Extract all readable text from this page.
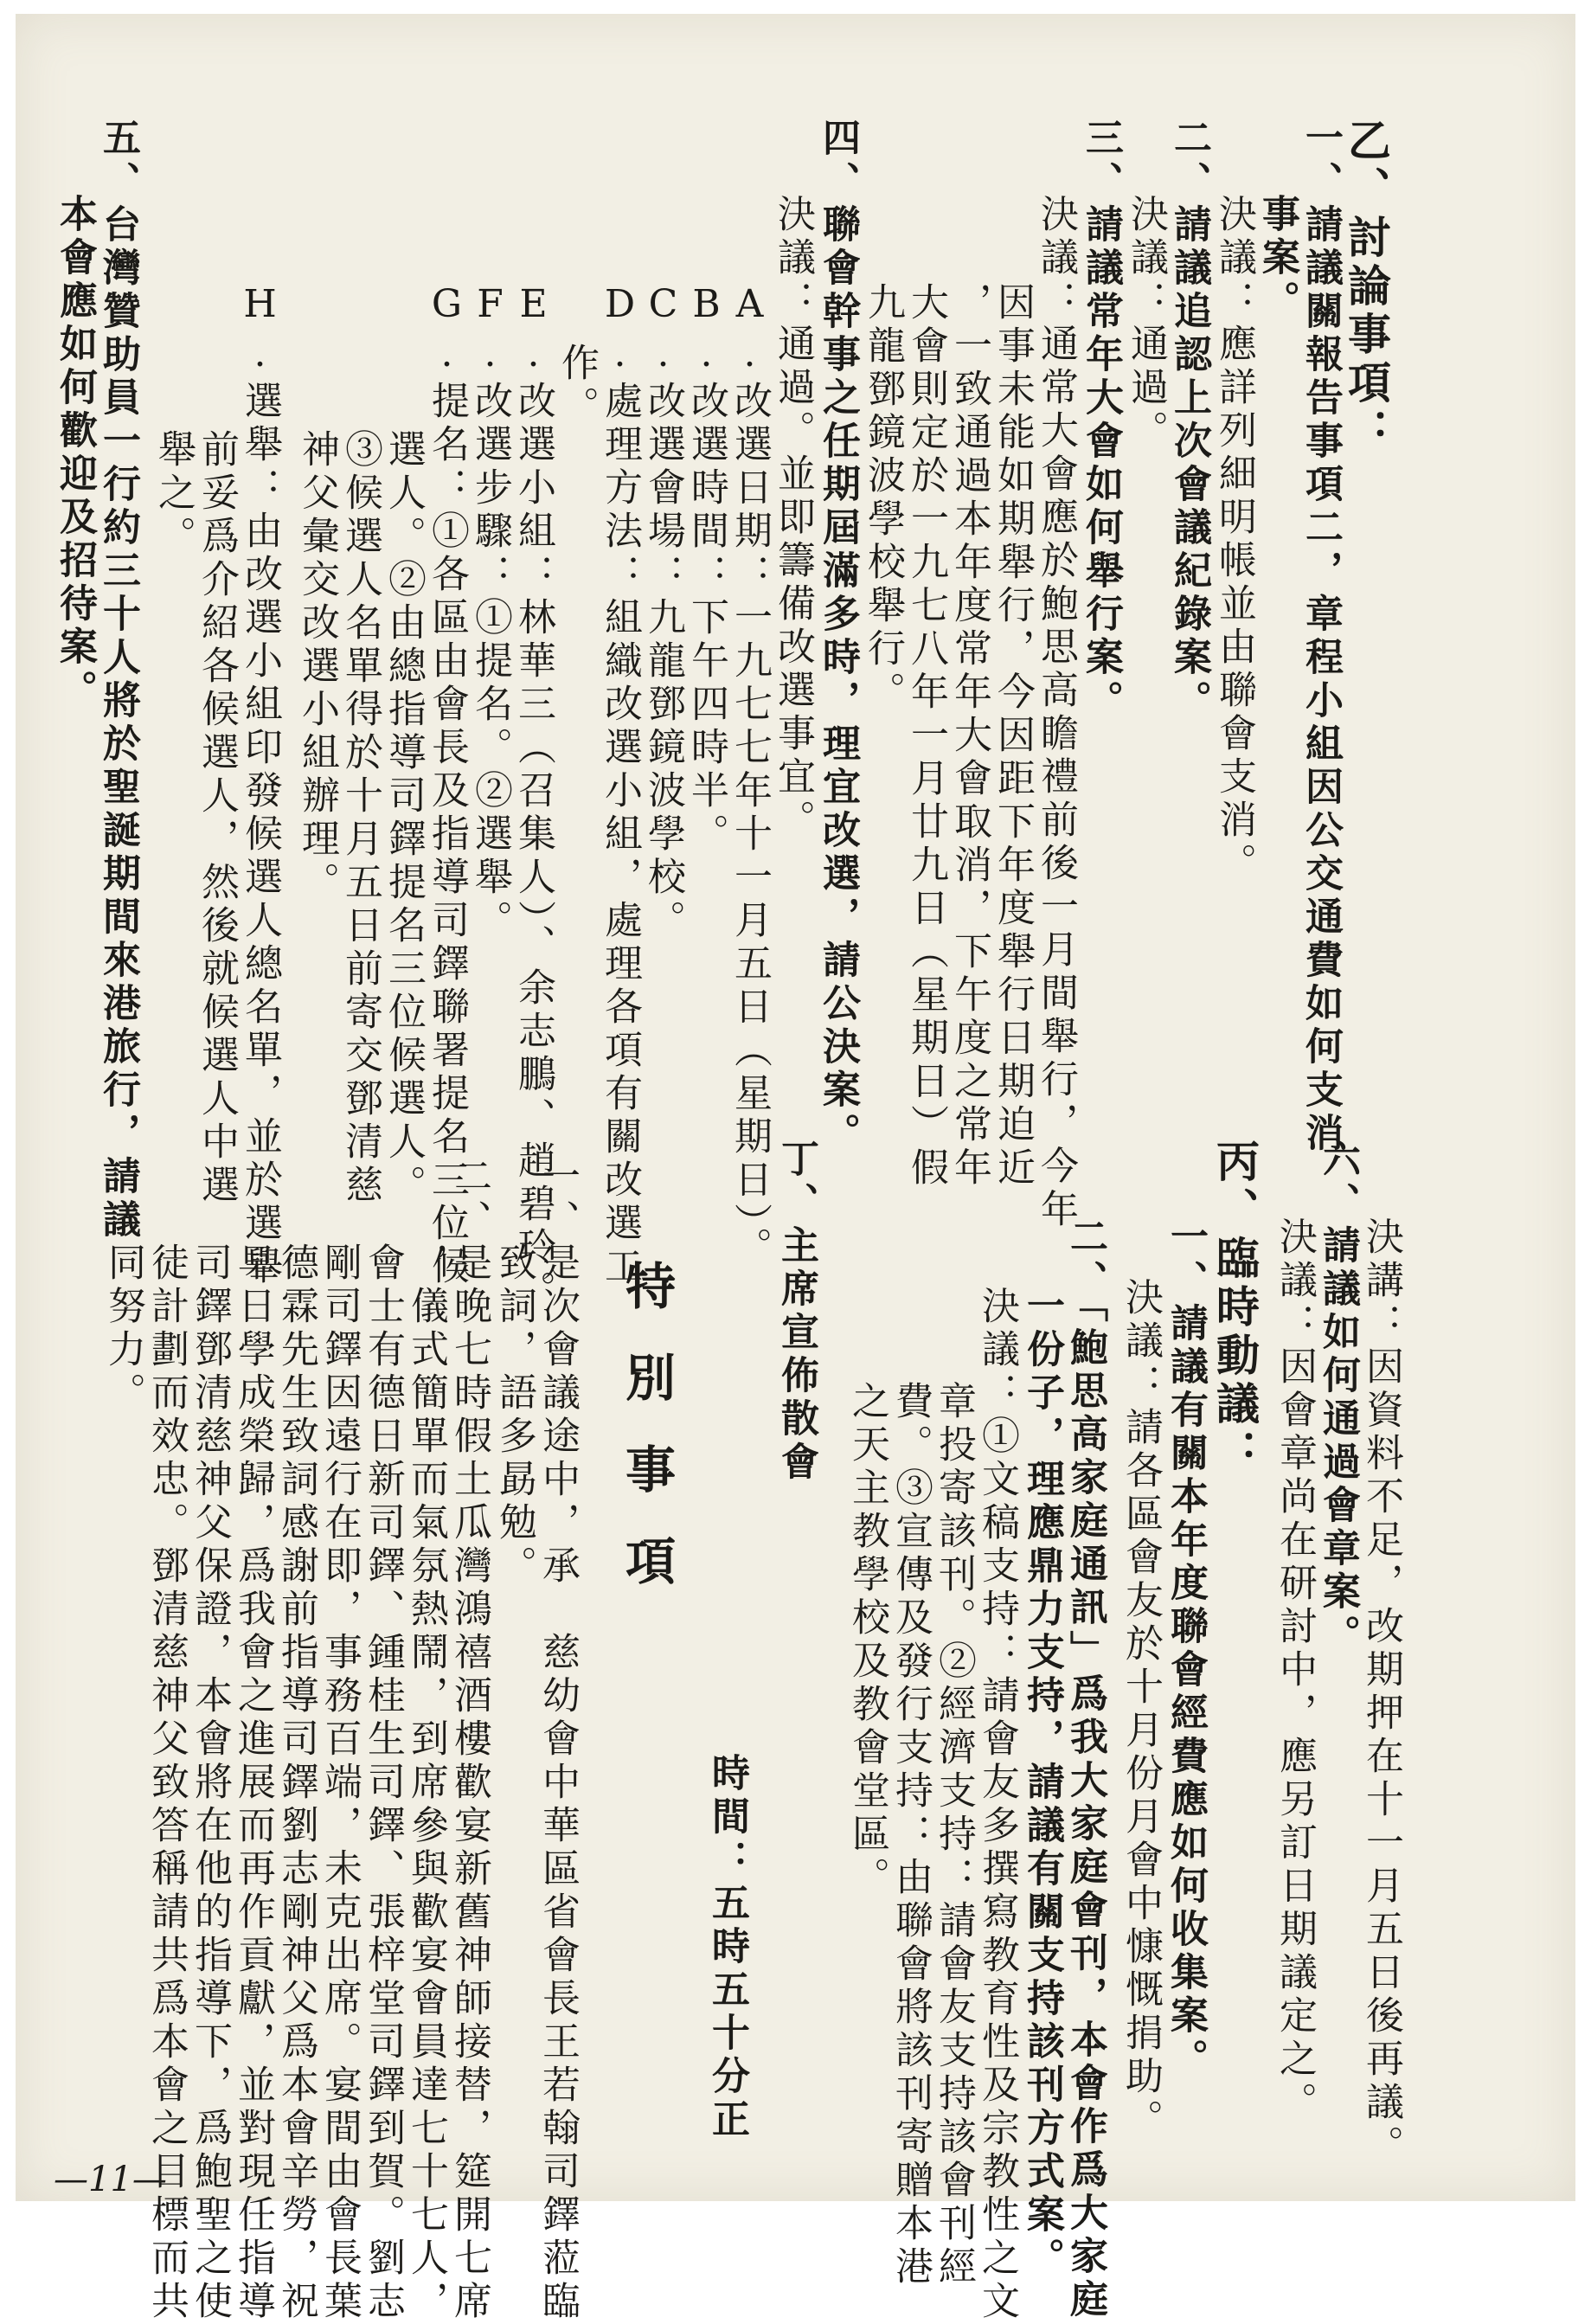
乙、討論事項：
一、請議關報告事項二，章程小組因公交通費如何支消
事案。
決議：應詳列細明帳並由聯會支消。
二、請議追認上次會議紀錄案。
決議：通過。
三、請議常年大會如何舉行案。
決議：通常大會應於鮑思高瞻禮前後一月間舉行，今年
因事未能如期舉行，今因距下年度舉行日期迫近
，一致通過本年度常年大會取消，下午度之常年
大會則定於一九七八年一月廿九日（星期日）假
九龍鄧鏡波學校舉行。
四、聯會幹事之任期屆滿多時，理宜改選，請公決案。
決議：通過。並即籌備改選事宜。
A.改選日期：一九七七年十一月五日（星期日）。
B.改選時間：下午四時半。
C.改選會場：九龍鄧鏡波學校。
D.處理方法：組織改選小組，處理各項有關改選工
作。
E.改選小組：林華三（召集人）、余志鵬、趙碧玲。
F.改選步驟：①提名。②選舉。
G.提名：①各區由會長及指導司鐸聯署提名三位候
選人。②由總指導司鐸提名三位候選人。
③候選人名單得於十月五日前寄交鄧清慈
神父彙交改選小組辦理。
H.選舉：由改選小組印發候選人總名單，並於選舉
前妥爲介紹各候選人，然後就候選人中選
舉之。
五、台灣贊助員一行約三十人將於聖誕期間來港旅行，請議
本會應如何歡迎及招待案。
決講：因資料不足，改期押在十一月五日後再議。
六、請議如何通過會章案。
決議：因會章尚在研討中，應另訂日期議定之。
丙、臨時動議：
一、請議有關本年度聯會經費應如何收集案。
決議：請各區會友於十月份月會中慷慨捐助。
二、「鮑思高家庭通訊」爲我大家庭會刊，本會作爲大家庭
一份子，理應鼎力支持，請議有關支持該刊方式案。
決議：①文稿支持：請會友多撰寫教育性及宗教性之文
章投寄該刊。②經濟支持：請會友支持該會刊經
費。③宣傳及發行支持：由聯會將該刊寄贈本港
之天主教學校及教會堂區。
丁、主席宣佈散會
時間：五時五十分正
特別事項
一、是次會議途中，承　慈幼會中華區省會長王若翰司鐸蒞臨
致詞，語多勗勉。
二、是晚七時假土瓜灣鴻禧酒樓歡宴新舊神師接替，筵開七席
，儀式簡單而氣氛熱鬧，到席參與歡宴會員達七十七人，
會士有德日新司鐸、鍾桂生司鐸、張梓堂司鐸到賀。劉志
剛司鐸因遠行在即，事務百端，未克出席。宴間由會長葉
德霖先生致詞感謝前指導司鐸劉志剛神父爲本會辛勞，祝
早日學成榮歸，爲我會之進展而再作貢獻，並對現任指導
司鐸鄧清慈神父保證，本會將在他的指導下，爲鮑聖之使
徒計劃而效忠。鄧清慈神父致答稱請共爲本會之目標而共
同努力。
—11—
